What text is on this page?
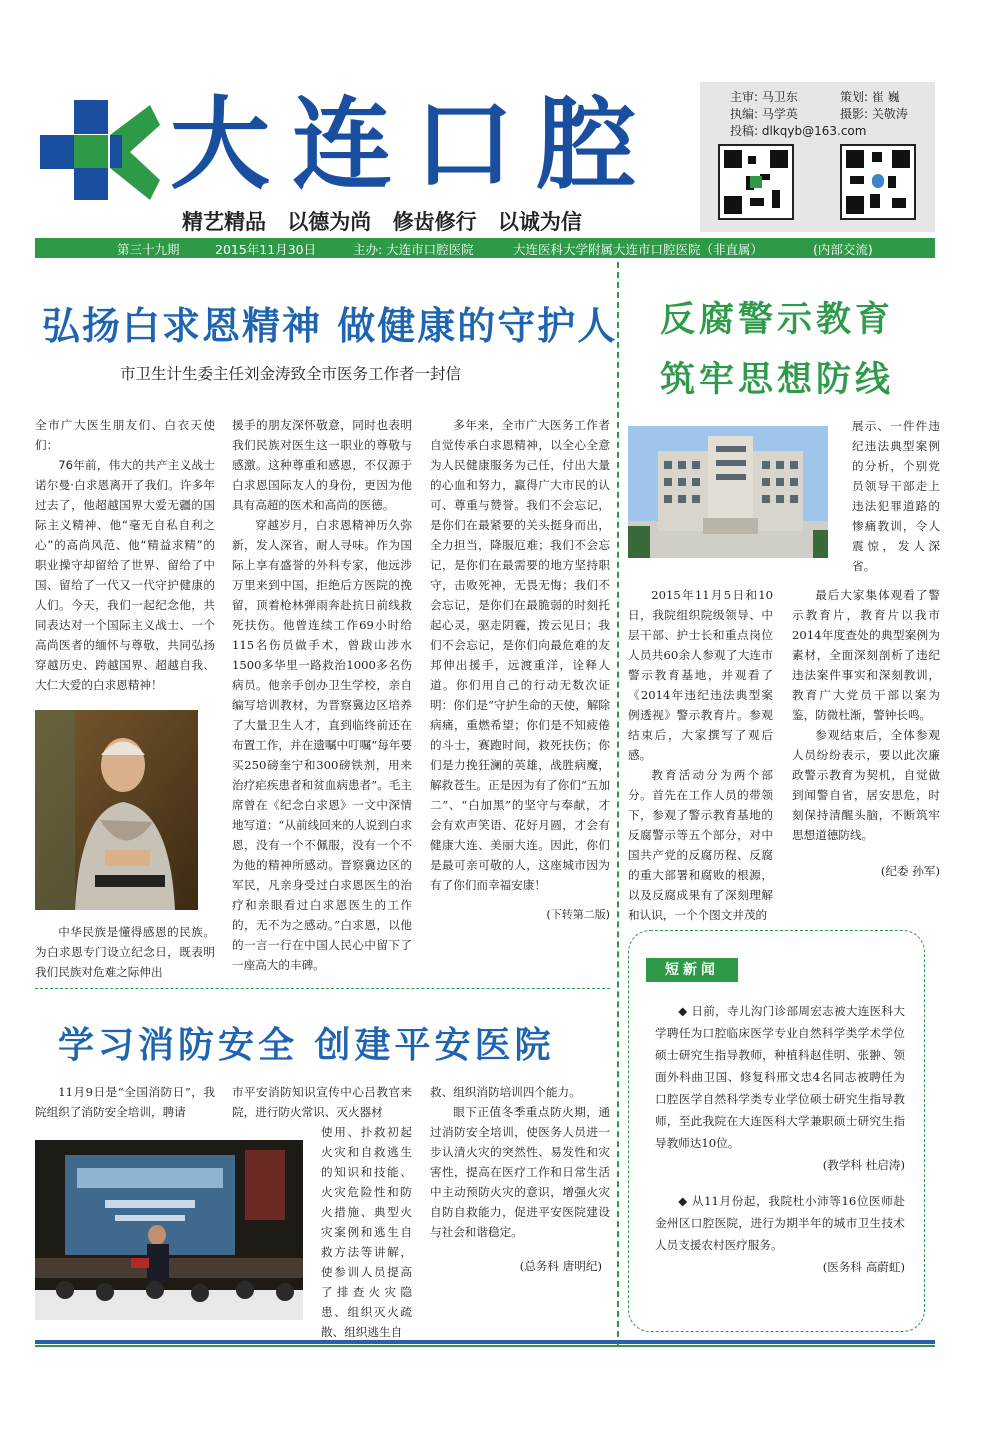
大连口腔
精艺精品 以德为尚 修齿修行 以诚为信
主审: 马卫东	策划: 崔 巍
执编: 马学英	摄影: 关敬涛
投稿: dlkqyb@163.com
第三十九期	2015年11月30日	主办: 大连市口腔医院	大连医科大学附属大连市口腔医院（非直属）	(内部交流)
弘扬白求恩精神 做健康的守护人
市卫生计生委主任刘金涛致全市医务工作者一封信

全市广大医生朋友们、白衣天使们：

76年前，伟大的共产主义战士诺尔曼·白求恩离开了我们。许多年过去了，他超越国界大爱无疆的国际主义精神、他“毫无自私自利之心”的高尚风范、他“精益求精”的职业操守却留给了世界、留给了中国、留给了一代又一代守护健康的人们。今天，我们一起纪念他，共同表达对一个国际主义战士、一个高尚医者的缅怀与尊敬，共同弘扬穿越历史、跨越国界、超越自我、大仁大爱的白求恩精神！

中华民族是懂得感恩的民族。为白求恩专门设立纪念日，既表明我们民族对危难之际伸出

援手的朋友深怀敬意，同时也表明我们民族对医生这一职业的尊敬与感激。这种尊重和感恩，不仅源于白求恩国际友人的身份，更因为他具有高超的医术和高尚的医德。

穿越岁月，白求恩精神历久弥新，发人深省，耐人寻味。作为国际上享有盛誉的外科专家，他远涉万里来到中国，拒绝后方医院的挽留，顶着枪林弹雨奔赴抗日前线救死扶伤。他曾连续工作69小时给115名伤员做手术，曾跋山涉水1500多华里一路救治1000多名伤病员。他亲手创办卫生学校，亲自编写培训教材，为晋察冀边区培养了大量卫生人才，直到临终前还在布置工作，并在遗嘱中叮嘱“每年要买250磅奎宁和300磅铁剂，用来治疗疟疾患者和贫血病患者”。毛主席曾在《纪念白求恩》一文中深情地写道：“从前线回来的人说到白求恩，没有一个不佩服，没有一个不为他的精神所感动。晋察冀边区的军民，凡亲身受过白求恩医生的治疗和亲眼看过白求恩医生的工作的，无不为之感动。”白求恩，以他的一言一行在中国人民心中留下了一座高大的丰碑。

多年来，全市广大医务工作者自觉传承白求恩精神，以全心全意为人民健康服务为己任，付出大量的心血和努力，赢得广大市民的认可、尊重与赞誉。我们不会忘记，是你们在最紧要的关头挺身而出，全力担当，降服厄难；我们不会忘记，是你们在最需要的地方坚持职守，击败死神，无畏无悔；我们不会忘记，是你们在最脆弱的时刻托起心灵，驱走阴霾，拨云见日；我们不会忘记，是你们向最危难的友邦伸出援手，远渡重洋，诠释人道。你们用自己的行动无数次证明：你们是“守护生命的天使，解除病痛，重燃希望；你们是不知疲倦的斗士，赛跑时间，救死扶伤；你们是力挽狂澜的英雄，战胜病魔，解救苍生。正是因为有了你们“五加二”、“白加黑”的坚守与奉献，才会有欢声笑语、花好月圆，才会有健康大连、美丽大连。因此，你们是最可亲可敬的人，这座城市因为有了你们而幸福安康！

(下转第二版)

反腐警示教育
筑牢思想防线

展示、一件件违纪违法典型案例的分析，个别党员领导干部走上违法犯罪道路的惨痛教训，令人震惊，发人深省。

2015年11月5日和10日，我院组织院级领导、中层干部、护士长和重点岗位人员共60余人参观了大连市警示教育基地，并观看了《2014年违纪违法典型案例透视》警示教育片。参观结束后，大家撰写了观后感。

教育活动分为两个部分。首先在工作人员的带领下，参观了警示教育基地的反腐警示等五个部分，对中国共产党的反腐历程、反腐的重大部署和腐败的根源，以及反腐成果有了深刻理解和认识，一个个图文并茂的

最后大家集体观看了警示教育片，教育片以我市2014年度查处的典型案例为素材，全面深刻剖析了违纪违法案件事实和深刻教训，教育广大党员干部以案为鉴，防微杜渐，警钟长鸣。

参观结束后，全体参观人员纷纷表示，要以此次廉政警示教育为契机，自觉做到闻警自省，居安思危，时刻保持清醒头脑，不断筑牢思想道德防线。

(纪委 孙军)

学习消防安全 创建平安医院

11月9日是“全国消防日”，我院组织了消防安全培训，聘请

市平安消防知识宣传中心吕教官来院，进行防火常识、灭火器材

使用、扑救初起火灾和自救逃生的知识和技能、火灾危险性和防火措施、典型火灾案例和逃生自救方法等讲解，使参训人员提高了排查火灾隐患、组织灭火疏散、组织逃生自

救、组织消防培训四个能力。

眼下正值冬季重点防火期，通过消防安全培训，使医务人员进一步认清火灾的突然性、易发性和灾害性，提高在医疗工作和日常生活中主动预防火灾的意识，增强火灾自防自救能力，促进平安医院建设与社会和谐稳定。

(总务科 唐明纪)

短新闻

◆ 日前，寺儿沟门诊部周宏志被大连医科大学聘任为口腔临床医学专业自然科学类学术学位硕士研究生指导教师，种植科赵佳明、张翀、领面外科曲卫国、修复科邢文忠4名同志被聘任为口腔医学自然科学类专业学位硕士研究生指导教师，至此我院在大连医科大学兼职硕士研究生指导教师达10位。

(教学科 杜启涛)

◆ 从11月份起，我院杜小沛等16位医师赴金州区口腔医院，进行为期半年的城市卫生技术人员支援农村医疗服务。

(医务科 高蔚虹)
